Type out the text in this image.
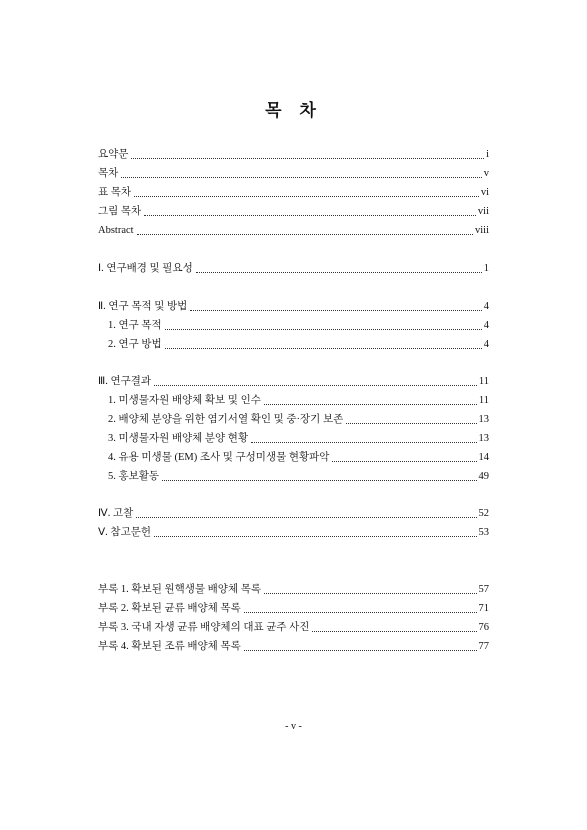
목 차
요약문	i
목차	v
표 목차	vi
그림 목차	vii
Abstract	viii
Ⅰ. 연구배경 및 필요성	1
Ⅱ. 연구 목적 및 방법	4
1. 연구 목적	4
2. 연구 방법	4
Ⅲ. 연구결과	11
1. 미생물자원 배양체 확보 및 인수	11
2. 배양체 분양을 위한 염기서열 확인 및 중·장기 보존	13
3. 미생물자원 배양체 분양 현황	13
4. 유용 미생물 (EM) 조사 및 구성미생물 현황파악	14
5. 홍보활동	49
Ⅳ. 고찰	52
Ⅴ. 참고문헌	53
부록 1. 확보된 원핵생물 배양체 목록	57
부록 2. 확보된 균류 배양체 목록	71
부록 3. 국내 자생 균류 배양체의 대표 균주 사진	76
부록 4. 확보된 조류 배양체 목록	77
- v -
